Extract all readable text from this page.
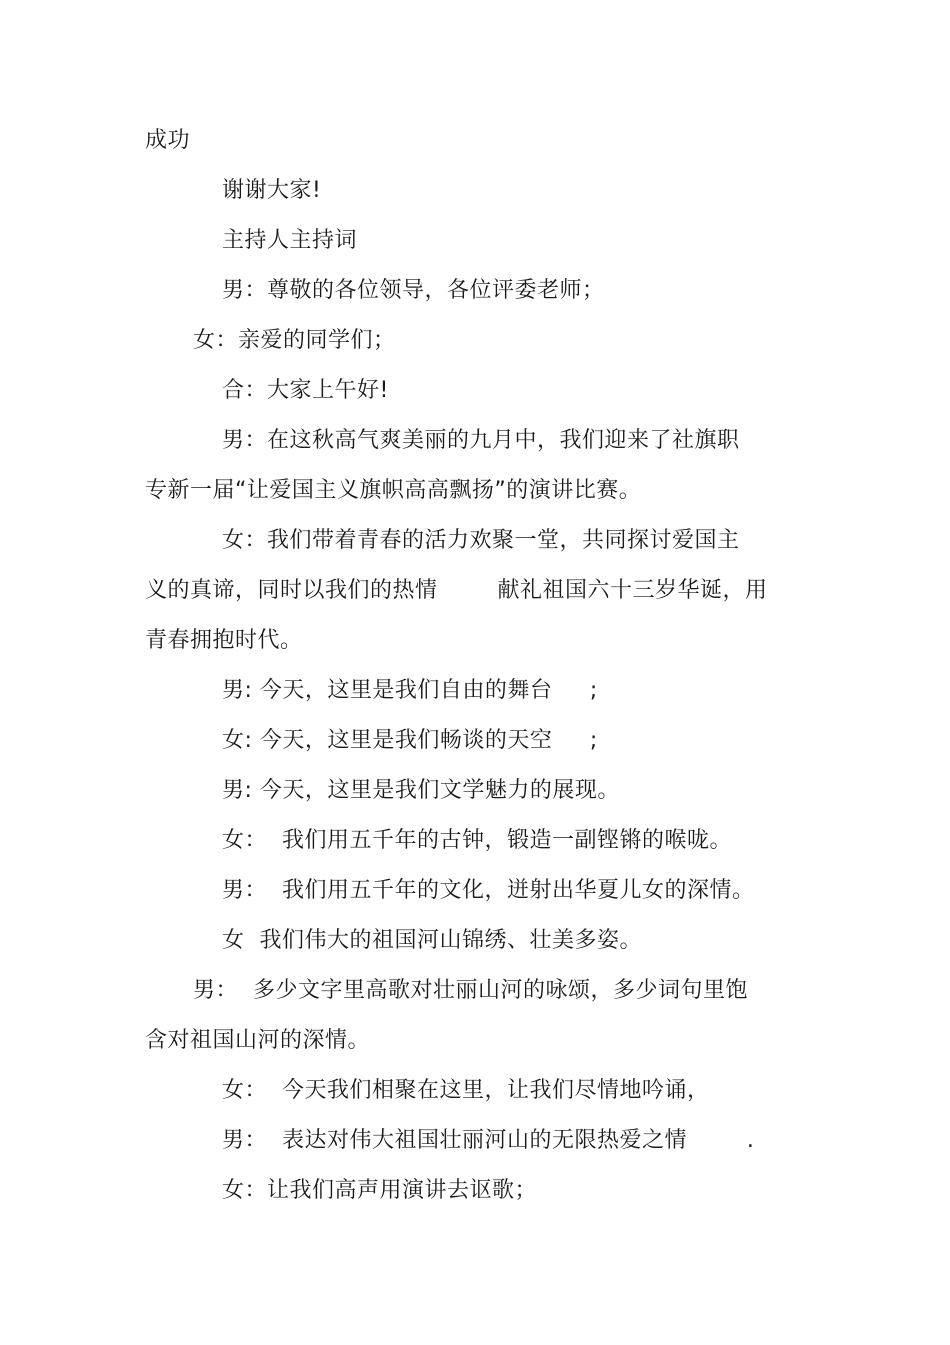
成功
谢谢大家!
主持人主持词
男：尊敬的各位领导，各位评委老师；
女：亲爱的同学们；
合：大家上午好!
男：在这秋高气爽美丽的九月中，我们迎来了社旗职
专新一届“让爱国主义旗帜高高飘扬”的演讲比赛。
女：我们带着青春的活力欢聚一堂，共同探讨爱国主
义的真谛，同时以我们的热情        献礼祖国六十三岁华诞，用
青春拥抱时代。
男: 今天，这里是我们自由的舞台     ;
女: 今天，这里是我们畅谈的天空     ;
男: 今天，这里是我们文学魅力的展现。
女：  我们用五千年的古钟，锻造一副铿锵的喉咙。
男：  我们用五千年的文化，迸射出华夏儿女的深情。
女  我们伟大的祖国河山锦绣、壮美多姿。
男：  多少文字里高歌对壮丽山河的咏颂，多少词句里饱
含对祖国山河的深情。
女：  今天我们相聚在这里，让我们尽情地吟诵，
男：  表达对伟大祖国壮丽河山的无限热爱之情        .
女：让我们高声用演讲去讴歌；
